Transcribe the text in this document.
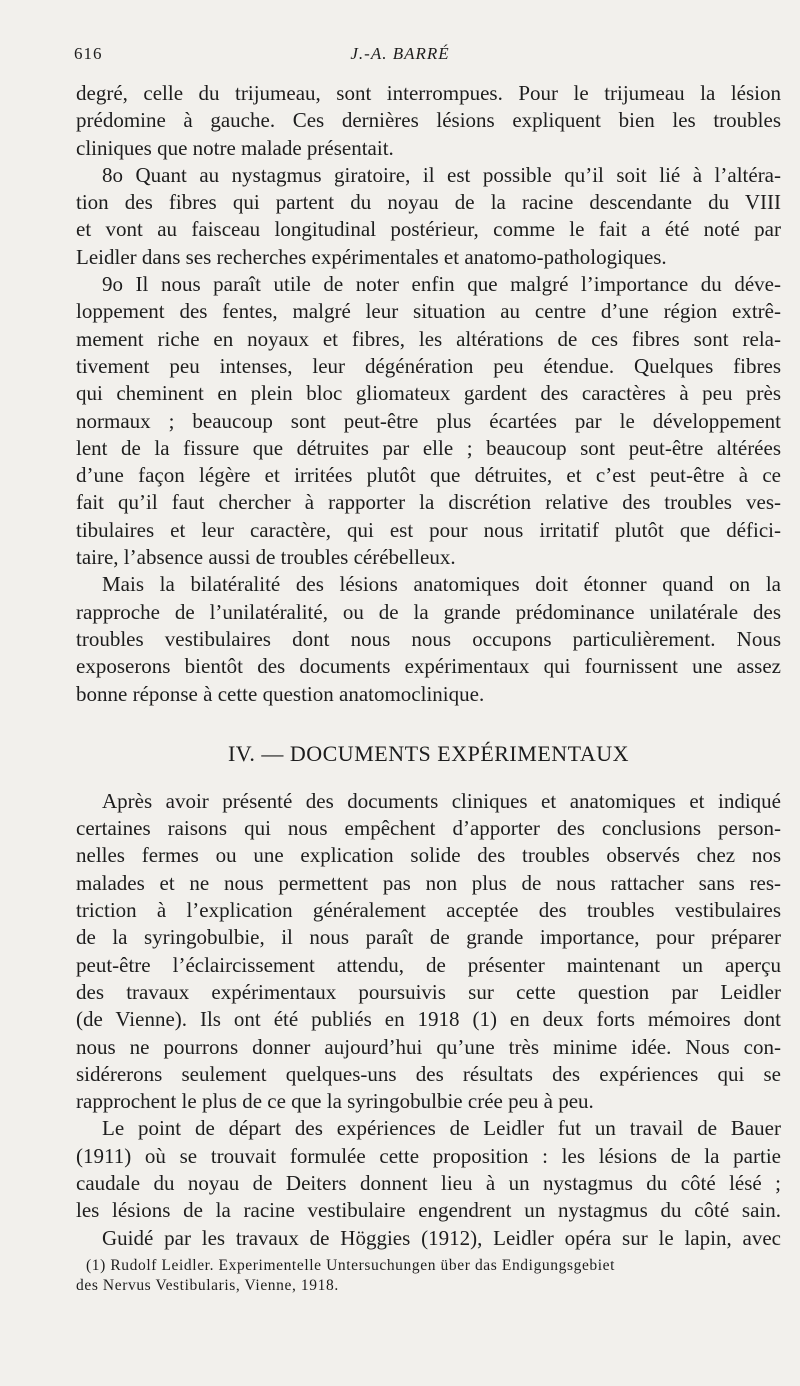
616	J.-A. BARRÉ
degré, celle du trijumeau, sont interrompues. Pour le trijumeau la lésion
prédomine à gauche. Ces dernières lésions expliquent bien les troubles
cliniques que notre malade présentait.
8o Quant au nystagmus giratoire, il est possible qu’il soit lié à l’altéra-
tion des fibres qui partent du noyau de la racine descendante du VIII
et vont au faisceau longitudinal postérieur, comme le fait a été noté par
Leidler dans ses recherches expérimentales et anatomo-pathologiques.
9o Il nous paraît utile de noter enfin que malgré l’importance du déve-
loppement des fentes, malgré leur situation au centre d’une région extrê-
mement riche en noyaux et fibres, les altérations de ces fibres sont rela-
tivement peu intenses, leur dégénération peu étendue. Quelques fibres
qui cheminent en plein bloc gliomateux gardent des caractères à peu près
normaux ; beaucoup sont peut-être plus écartées par le développement
lent de la fissure que détruites par elle ; beaucoup sont peut-être altérées
d’une façon légère et irritées plutôt que détruites, et c’est peut-être à ce
fait qu’il faut chercher à rapporter la discrétion relative des troubles ves-
tibulaires et leur caractère, qui est pour nous irritatif plutôt que défici-
taire, l’absence aussi de troubles cérébelleux.
Mais la bilatéralité des lésions anatomiques doit étonner quand on la
rapproche de l’unilatéralité, ou de la grande prédominance unilatérale des
troubles vestibulaires dont nous nous occupons particulièrement. Nous
exposerons bientôt des documents expérimentaux qui fournissent une assez
bonne réponse à cette question anatomoclinique.
IV. — DOCUMENTS EXPÉRIMENTAUX
Après avoir présenté des documents cliniques et anatomiques et indiqué
certaines raisons qui nous empêchent d’apporter des conclusions person-
nelles fermes ou une explication solide des troubles observés chez nos
malades et ne nous permettent pas non plus de nous rattacher sans res-
triction à l’explication généralement acceptée des troubles vestibulaires
de la syringobulbie, il nous paraît de grande importance, pour préparer
peut-être l’éclaircissement attendu, de présenter maintenant un aperçu
des travaux expérimentaux poursuivis sur cette question par Leidler
(de Vienne). Ils ont été publiés en 1918 (1) en deux forts mémoires dont
nous ne pourrons donner aujourd’hui qu’une très minime idée. Nous con-
sidérerons seulement quelques-uns des résultats des expériences qui se
rapprochent le plus de ce que la syringobulbie crée peu à peu.
Le point de départ des expériences de Leidler fut un travail de Bauer
(1911) où se trouvait formulée cette proposition : les lésions de la partie
caudale du noyau de Deiters donnent lieu à un nystagmus du côté lésé ;
les lésions de la racine vestibulaire engendrent un nystagmus du côté sain.
Guidé par les travaux de Höggies (1912), Leidler opéra sur le lapin, avec
(1) Rudolf Leidler. Experimentelle Untersuchungen über das Endigungsgebiet
des Nervus Vestibularis, Vienne, 1918.
